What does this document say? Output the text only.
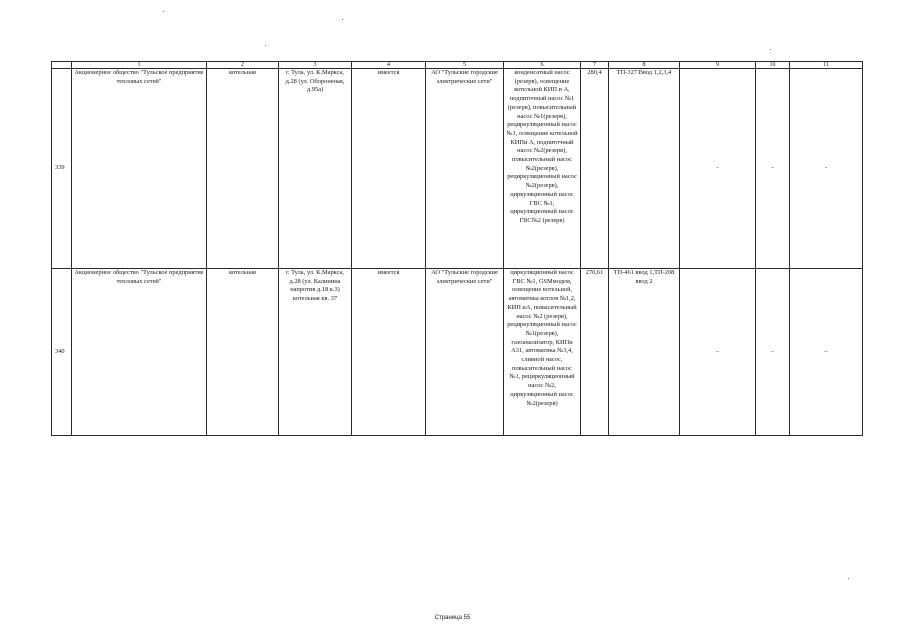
	1	2	3	4	5	6	7	8	9	10	11
339	Акционерное общество "Тульское предприятие тепловых сетей"	котельная	г. Тула, ул. К.Маркса, д.28 (ул. Обороненая, д.95а)	имеется	АО "Тульские городские электрические сети"	конденсатный насос (резерв), освещение котельной КИП и А, подпиточный насос №1 (резерв), повысительный насос №1(резерв), рециркуляционный насос №1, освещение котельной КИПи А, подпиточный насос №2(резерв), повысительный насос №2(резерв), рециркуляционный насос №2(резерв), циркуляционный насос ГВС №1, циркуляционный насос ГВС№2 (резерв)	280,4	ТП-327 Ввод 1,2,3,4	-	-	-
340	Акционерное общество "Тульское предприятие тепловых сетей"	котельная	г. Тула, ул. К.Маркса, д.28 (ул. Калинина напротив д.18 к.3) котельная кв. 37	имеется	АО "Тульские городские электрические сети"	циркуляционный насос ГВС №1, GSMмодем, освещение котельной, автоматика котлов №1,2, КИП иА, повысительный насос №2 (резерв), рециркуляционный насос №1(резерв), газоанализатор, КИПи А31, автоматика №3,4, сливной насос, повысительный насос №1, рециркуляционный насос №2, циркуляционный насос №2(резерв)	270,61	ТП-461 ввод 1,ТП-208 ввод 2	–	–	–
Страница 55
